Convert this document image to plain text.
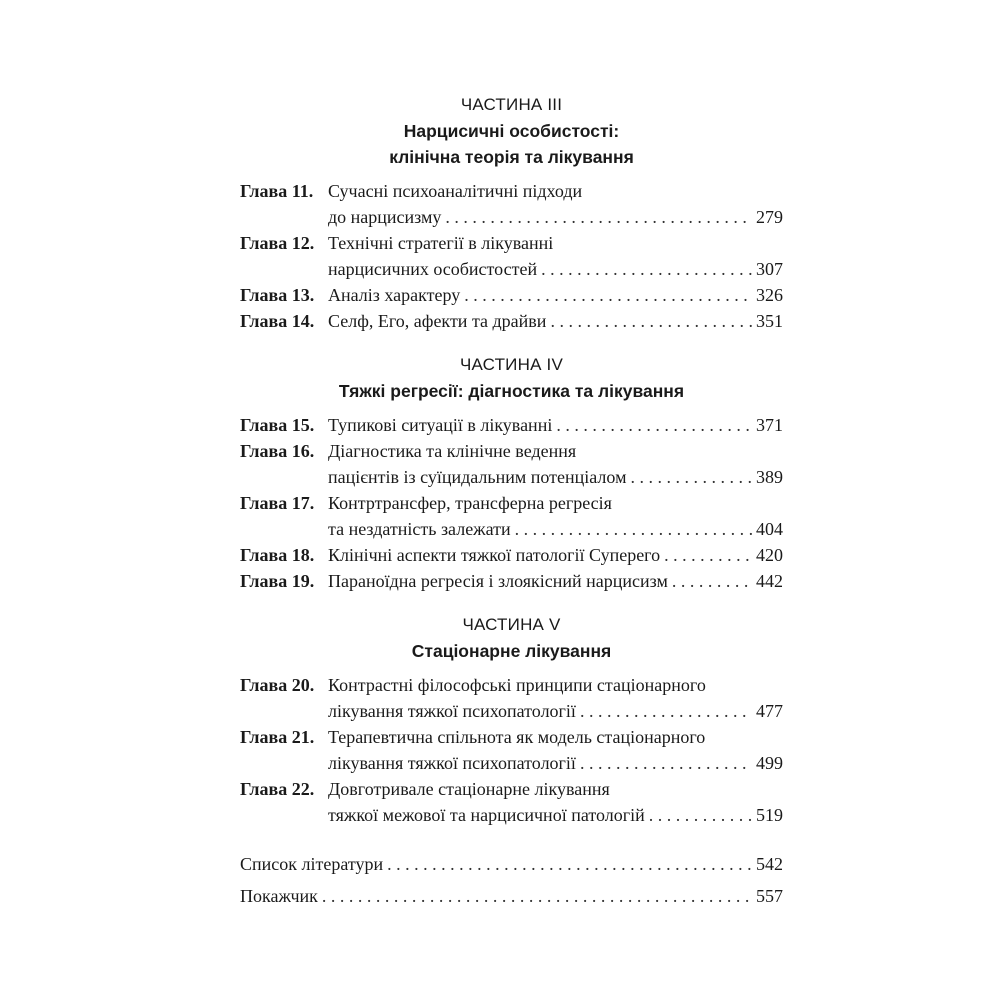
ЧАСТИНА III
Нарцисичні особистості:
клінічна теорія та лікування
Глава 11. Сучасні психоаналітичні підходи
до нарцисизму . . .	279
Глава 12. Технічні стратегії в лікуванні
нарцисичних особистостей . . .	307
Глава 13. Аналіз характеру . . .	326
Глава 14. Селф, Его, афекти та драйви . . .	351
ЧАСТИНА IV
Тяжкі регресії: діагностика та лікування
Глава 15. Тупикові ситуації в лікуванні . . .	371
Глава 16. Діагностика та клінічне ведення
пацієнтів із суїцидальним потенціалом . . .	389
Глава 17. Контртрансфер, трансферна регресія
та нездатність залежати . . .	404
Глава 18. Клінічні аспекти тяжкої патології Суперего . . .	420
Глава 19. Параноїдна регресія і злоякісний нарцисизм . . .	442
ЧАСТИНА V
Стаціонарне лікування
Глава 20. Контрастні філософські принципи стаціонарного
лікування тяжкої психопатології . . .	477
Глава 21. Терапевтична спільнота як модель стаціонарного
лікування тяжкої психопатології . . .	499
Глава 22. Довготривале стаціонарне лікування
тяжкої межової та нарцисичної патологій . . .	519
Список літератури . . .	542
Покажчик . . .	557
